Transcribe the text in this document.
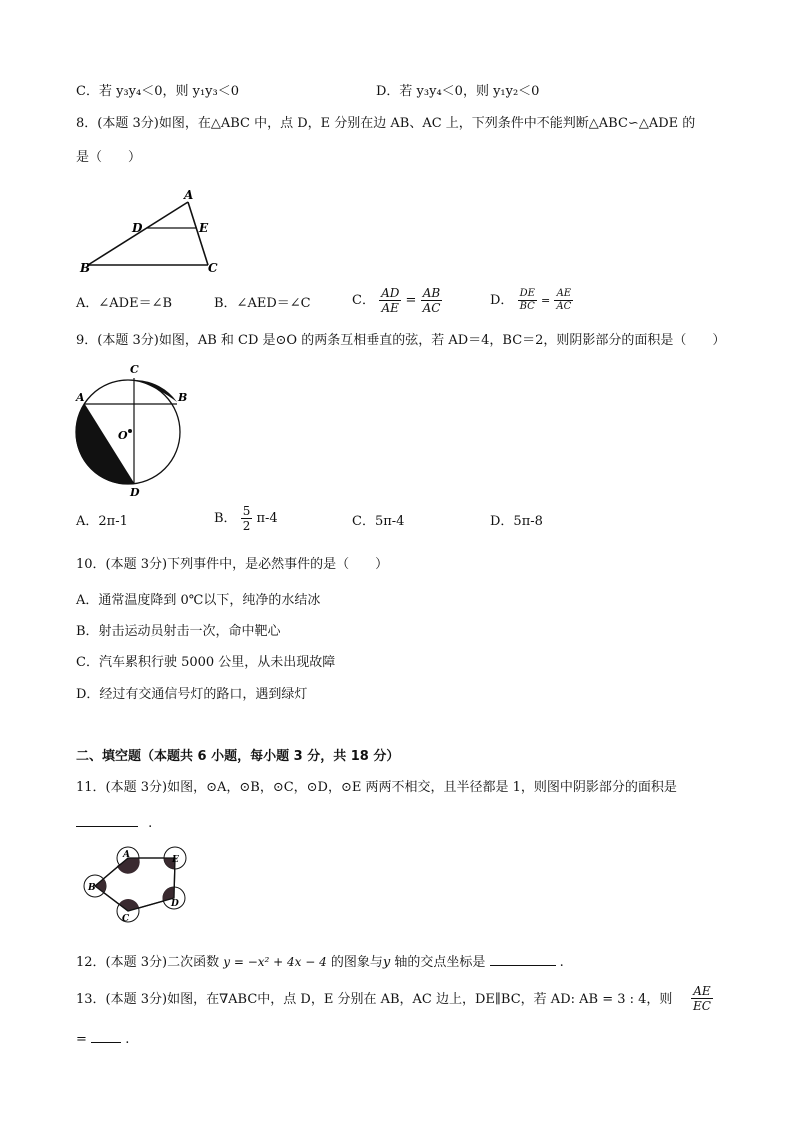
C．若 y₃y₄＜0，则 y₁y₃＜0	D．若 y₃y₄＜0，则 y₁y₂＜0
8．(本题 3分)如图，在△ABC 中，点 D，E 分别在边 AB、AC 上，下列条件中不能判断△ABC∽△ADE 的
是（　　）
A
B	C
D	E
A．∠ADE＝∠B	B．∠AED＝∠C	C． $\frac{AD}{AE} = \frac{AB}{AC}$	D． $\frac{DE}{BC} = \frac{AE}{AC}$
9．(本题 3分)如图，AB 和 CD 是⊙O 的两条互相垂直的弦，若 AD＝4，BC＝2，则阴影部分的面积是（　　）
C
A	B
O
D
A．2π-1	B． $\frac{5}{2} \pi-4$	C．5π-4	D．5π-8
10．(本题 3分)下列事件中，是必然事件的是（　　）
A．通常温度降到 0℃以下，纯净的水结冰
B．射击运动员射击一次，命中靶心
C．汽车累积行驶 5000 公里，从未出现故障
D．经过有交通信号灯的路口，遇到绿灯
二、填空题（本题共 6 小题，每小题 3 分，共 18 分）
11．(本题 3分)如图，⊙A，⊙B，⊙C，⊙D，⊙E 两两不相交，且半径都是 1，则图中阴影部分的面积是
.
A	E
D
C
B
12．(本题 3分)二次函数 y = −x² + 4x − 4 的图象与y 轴的交点坐标是	.
13．(本题 3分)如图，在∇ABC中，点 D，E 分别在 AB，AC 边上，DE∥BC，若 AD: AB = 3 : 4，则 $\frac{AE}{EC}$
=	.
